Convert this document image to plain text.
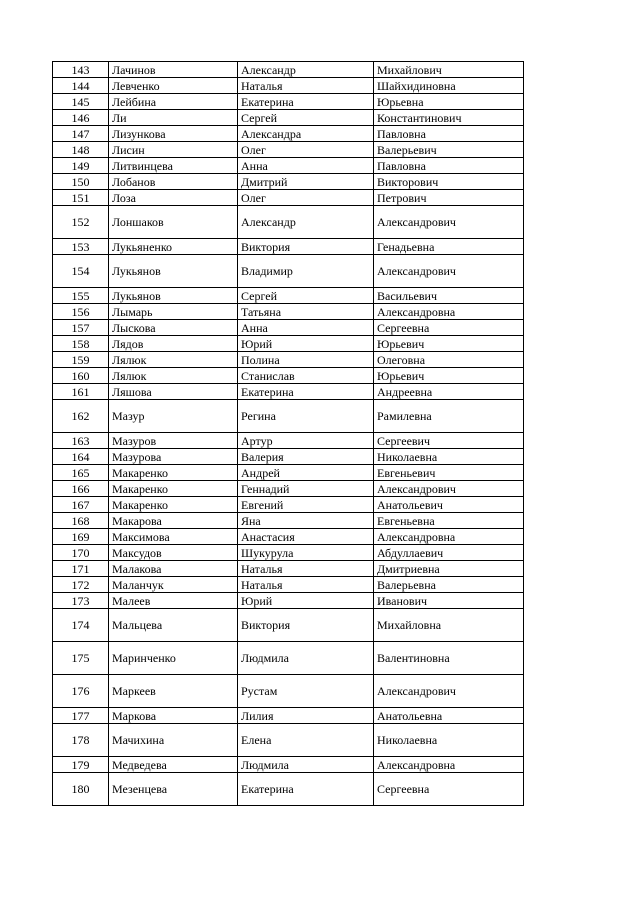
143	Лачинов	Александр	Михайлович
144	Левченко	Наталья	Шайхидиновна
145	Лейбина	Екатерина	Юрьевна
146	Ли	Сергей	Константинович
147	Лизункова	Александра	Павловна
148	Лисин	Олег	Валерьевич
149	Литвинцева	Анна	Павловна
150	Лобанов	Дмитрий	Викторович
151	Лоза	Олег	Петрович
152	Лоншаков	Александр	Александрович
153	Лукьяненко	Виктория	Генадьевна
154	Лукьянов	Владимир	Александрович
155	Лукьянов	Сергей	Васильевич
156	Лымарь	Татьяна	Александровна
157	Лыскова	Анна	Сергеевна
158	Лядов	Юрий	Юрьевич
159	Лялюк	Полина	Олеговна
160	Лялюк	Станислав	Юрьевич
161	Ляшова	Екатерина	Андреевна
162	Мазур	Регина	Рамилевна
163	Мазуров	Артур	Сергеевич
164	Мазурова	Валерия	Николаевна
165	Макаренко	Андрей	Евгеньевич
166	Макаренко	Геннадий	Александрович
167	Макаренко	Евгений	Анатольевич
168	Макарова	Яна	Евгеньевна
169	Максимова	Анастасия	Александровна
170	Максудов	Шукурула	Абдуллаевич
171	Малакова	Наталья	Дмитриевна
172	Маланчук	Наталья	Валерьевна
173	Малеев	Юрий	Иванович
174	Мальцева	Виктория	Михайловна
175	Маринченко	Людмила	Валентиновна
176	Маркеев	Рустам	Александрович
177	Маркова	Лилия	Анатольевна
178	Мачихина	Елена	Николаевна
179	Медведева	Людмила	Александровна
180	Мезенцева	Екатерина	Сергеевна
